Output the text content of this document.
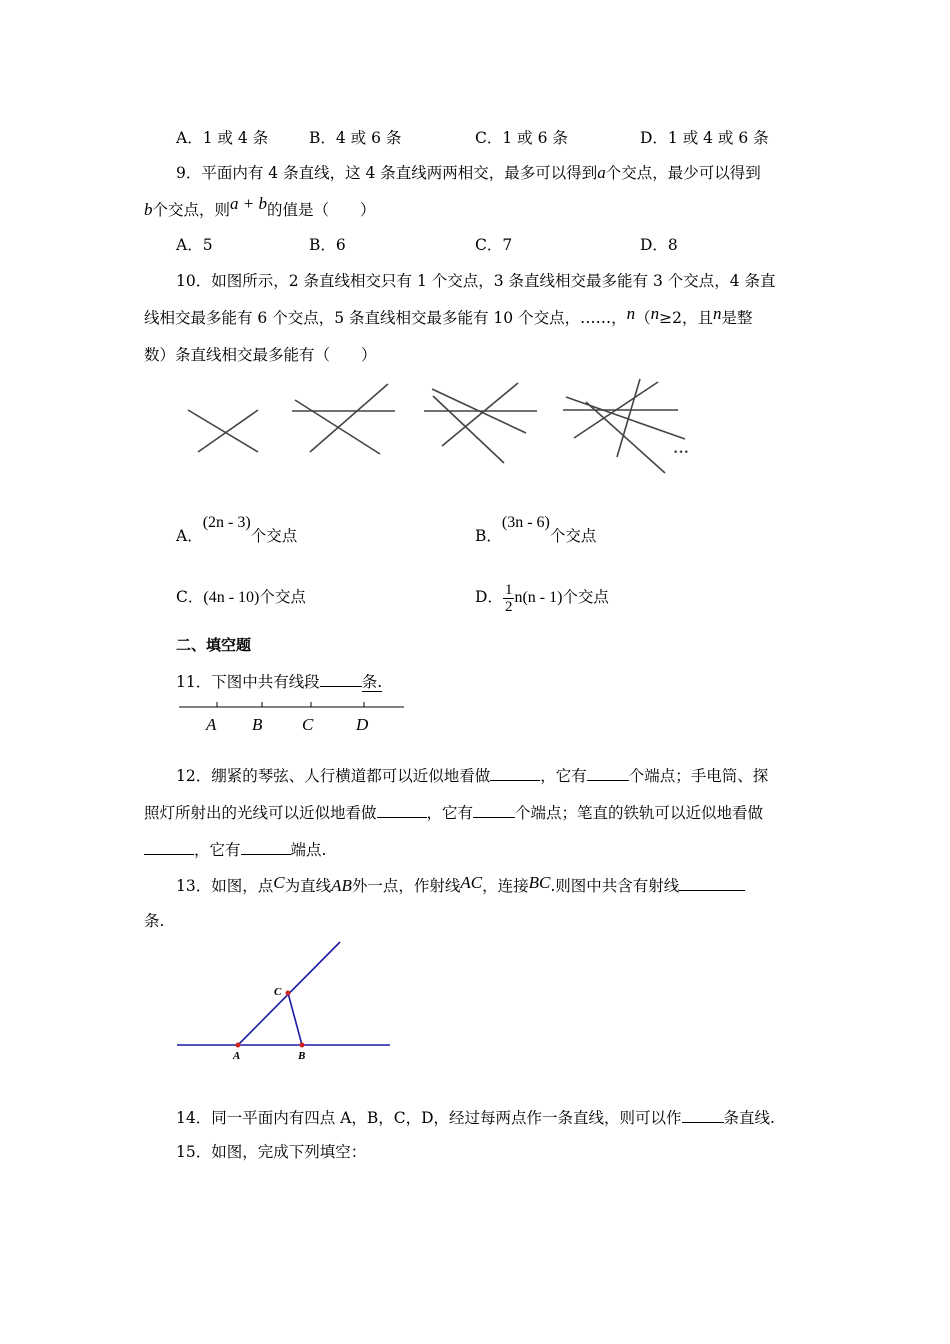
A．1 或 4 条	B．4 或 6 条	C．1 或 6 条	D．1 或 4 或 6 条
9．平面内有 4 条直线，这 4 条直线两两相交，最多可以得到a个交点，最少可以得到
b个交点，则a + b的值是（　　）
A．5	B．6	C．7	D．8
10．如图所示，2 条直线相交只有 1 个交点，3 条直线相交最多能有 3 个交点，4 条直
线相交最多能有 6 个交点，5 条直线相交最多能有 10 个交点，……，n（n≥2，且n是整
数）条直线相交最多能有（　　）
···
A．(2n - 3)个交点	B．(3n - 6)个交点
C．(4n - 10)个交点	D． $\frac{1}{2} n(n - 1)$个交点
二、填空题
11．下图中共有线段	条.
A B C	D
12．绷紧的琴弦、人行横道都可以近似地看做	，它有	个端点；手电筒、探
照灯所射出的光线可以近似地看做	，它有	个端点；笔直的铁轨可以近似地看做
，它有	端点.
13．如图，点C为直线AB外一点，作射线AC，连接BC.则图中共含有射线
条.
A	B
C
14．同一平面内有四点 A，B，C，D，经过每两点作一条直线，则可以作	条直线.
15．如图，完成下列填空：
